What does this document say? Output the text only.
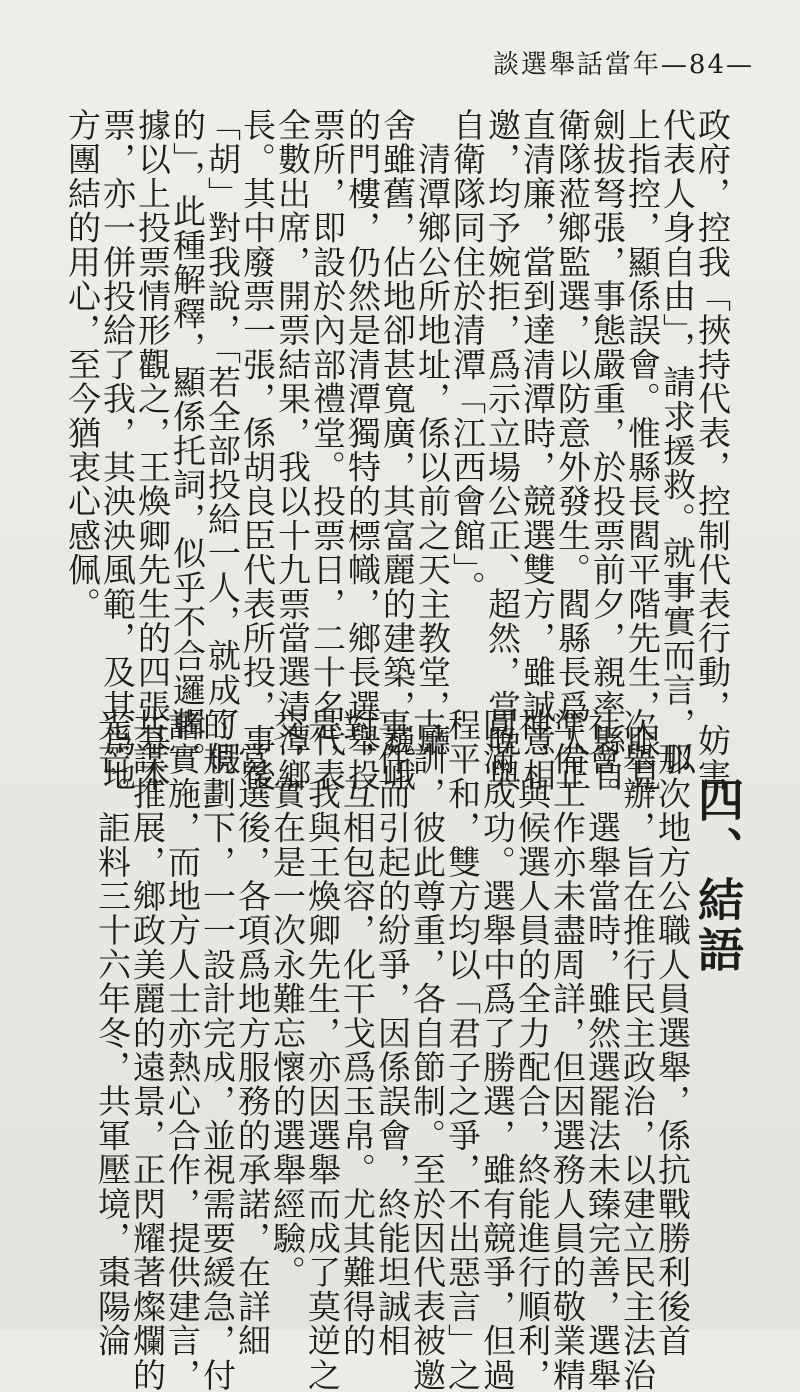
談選舉話當年—84—
政府，控我「挾持代表，控制代表行動，妨害
代表人身自由」，請求援救。就事實而言，以
上指控，顯係誤會。惟縣長閻平階先生，眼見
劍拔弩張，事態嚴重，於投票前夕，親率縣自
衛隊蒞鄉監選，以防意外發生。閻縣長爲人正
直清廉，當到達清潭時，競選雙方，雖誠意相
邀，均予婉拒，爲示立場公正、超然，當晚與
自衛隊同住於清潭「江西會館」。
　清潭鄉公所地址，係以前之天主教堂，廳
舍雖舊，佔地卻甚寬廣，其富麗的建築，巍峨
的門樓，仍然是清潭獨特的標幟，鄉長選舉投
票所，即設於內部禮堂。投票日，二十名代表
全數出席，開票結果，我以十九票當選清潭鄉
長。其中廢票一張，係胡良臣代表所投，事後
「胡」對我說，「若全部投給一人，就成了假
的」，此種解釋，顯係托詞，似乎不合邏輯。
據以上投票情形觀之，王煥卿先生的四張基本
票，亦一併投給了我，其泱泱風範，及其爲地
方團結的用心，至今猶衷心感佩。
四、結語
　那次地方公職人員選舉，係抗戰勝利後首
次舉辦，旨在推行民主政治，以建立民主法治
社會。選舉當時，雖然選罷法未臻完善，選舉
準備工作亦未盡周詳，但因選務人員的敬業精
神，與候選人員的全力配合，終能進行順利，
圓滿成功。選舉中爲了勝選，雖有競爭，但過
程平和，雙方均以「君子之爭，不出惡言」之
古訓，彼此尊重，各自節制。至於因代表被邀
事件而引起的紛爭，因係誤會，終能坦誠相
對，互相包容，化干戈爲玉帛。尤其難得的
是，我與王煥卿先生，亦因選舉而成了莫逆之
交，實在是一次永難忘懷的選舉經驗。
　當選後，各項爲地方服務的承諾，在詳細
的規劃下，一一設計完成，並視需要緩急，付
諸實施，而地方人士亦熱心合作，提供建言，
共謀推展，鄉政美麗的遠景，正閃耀著燦爛的
光芒。詎料三十六年冬，共軍壓境，棗陽淪
